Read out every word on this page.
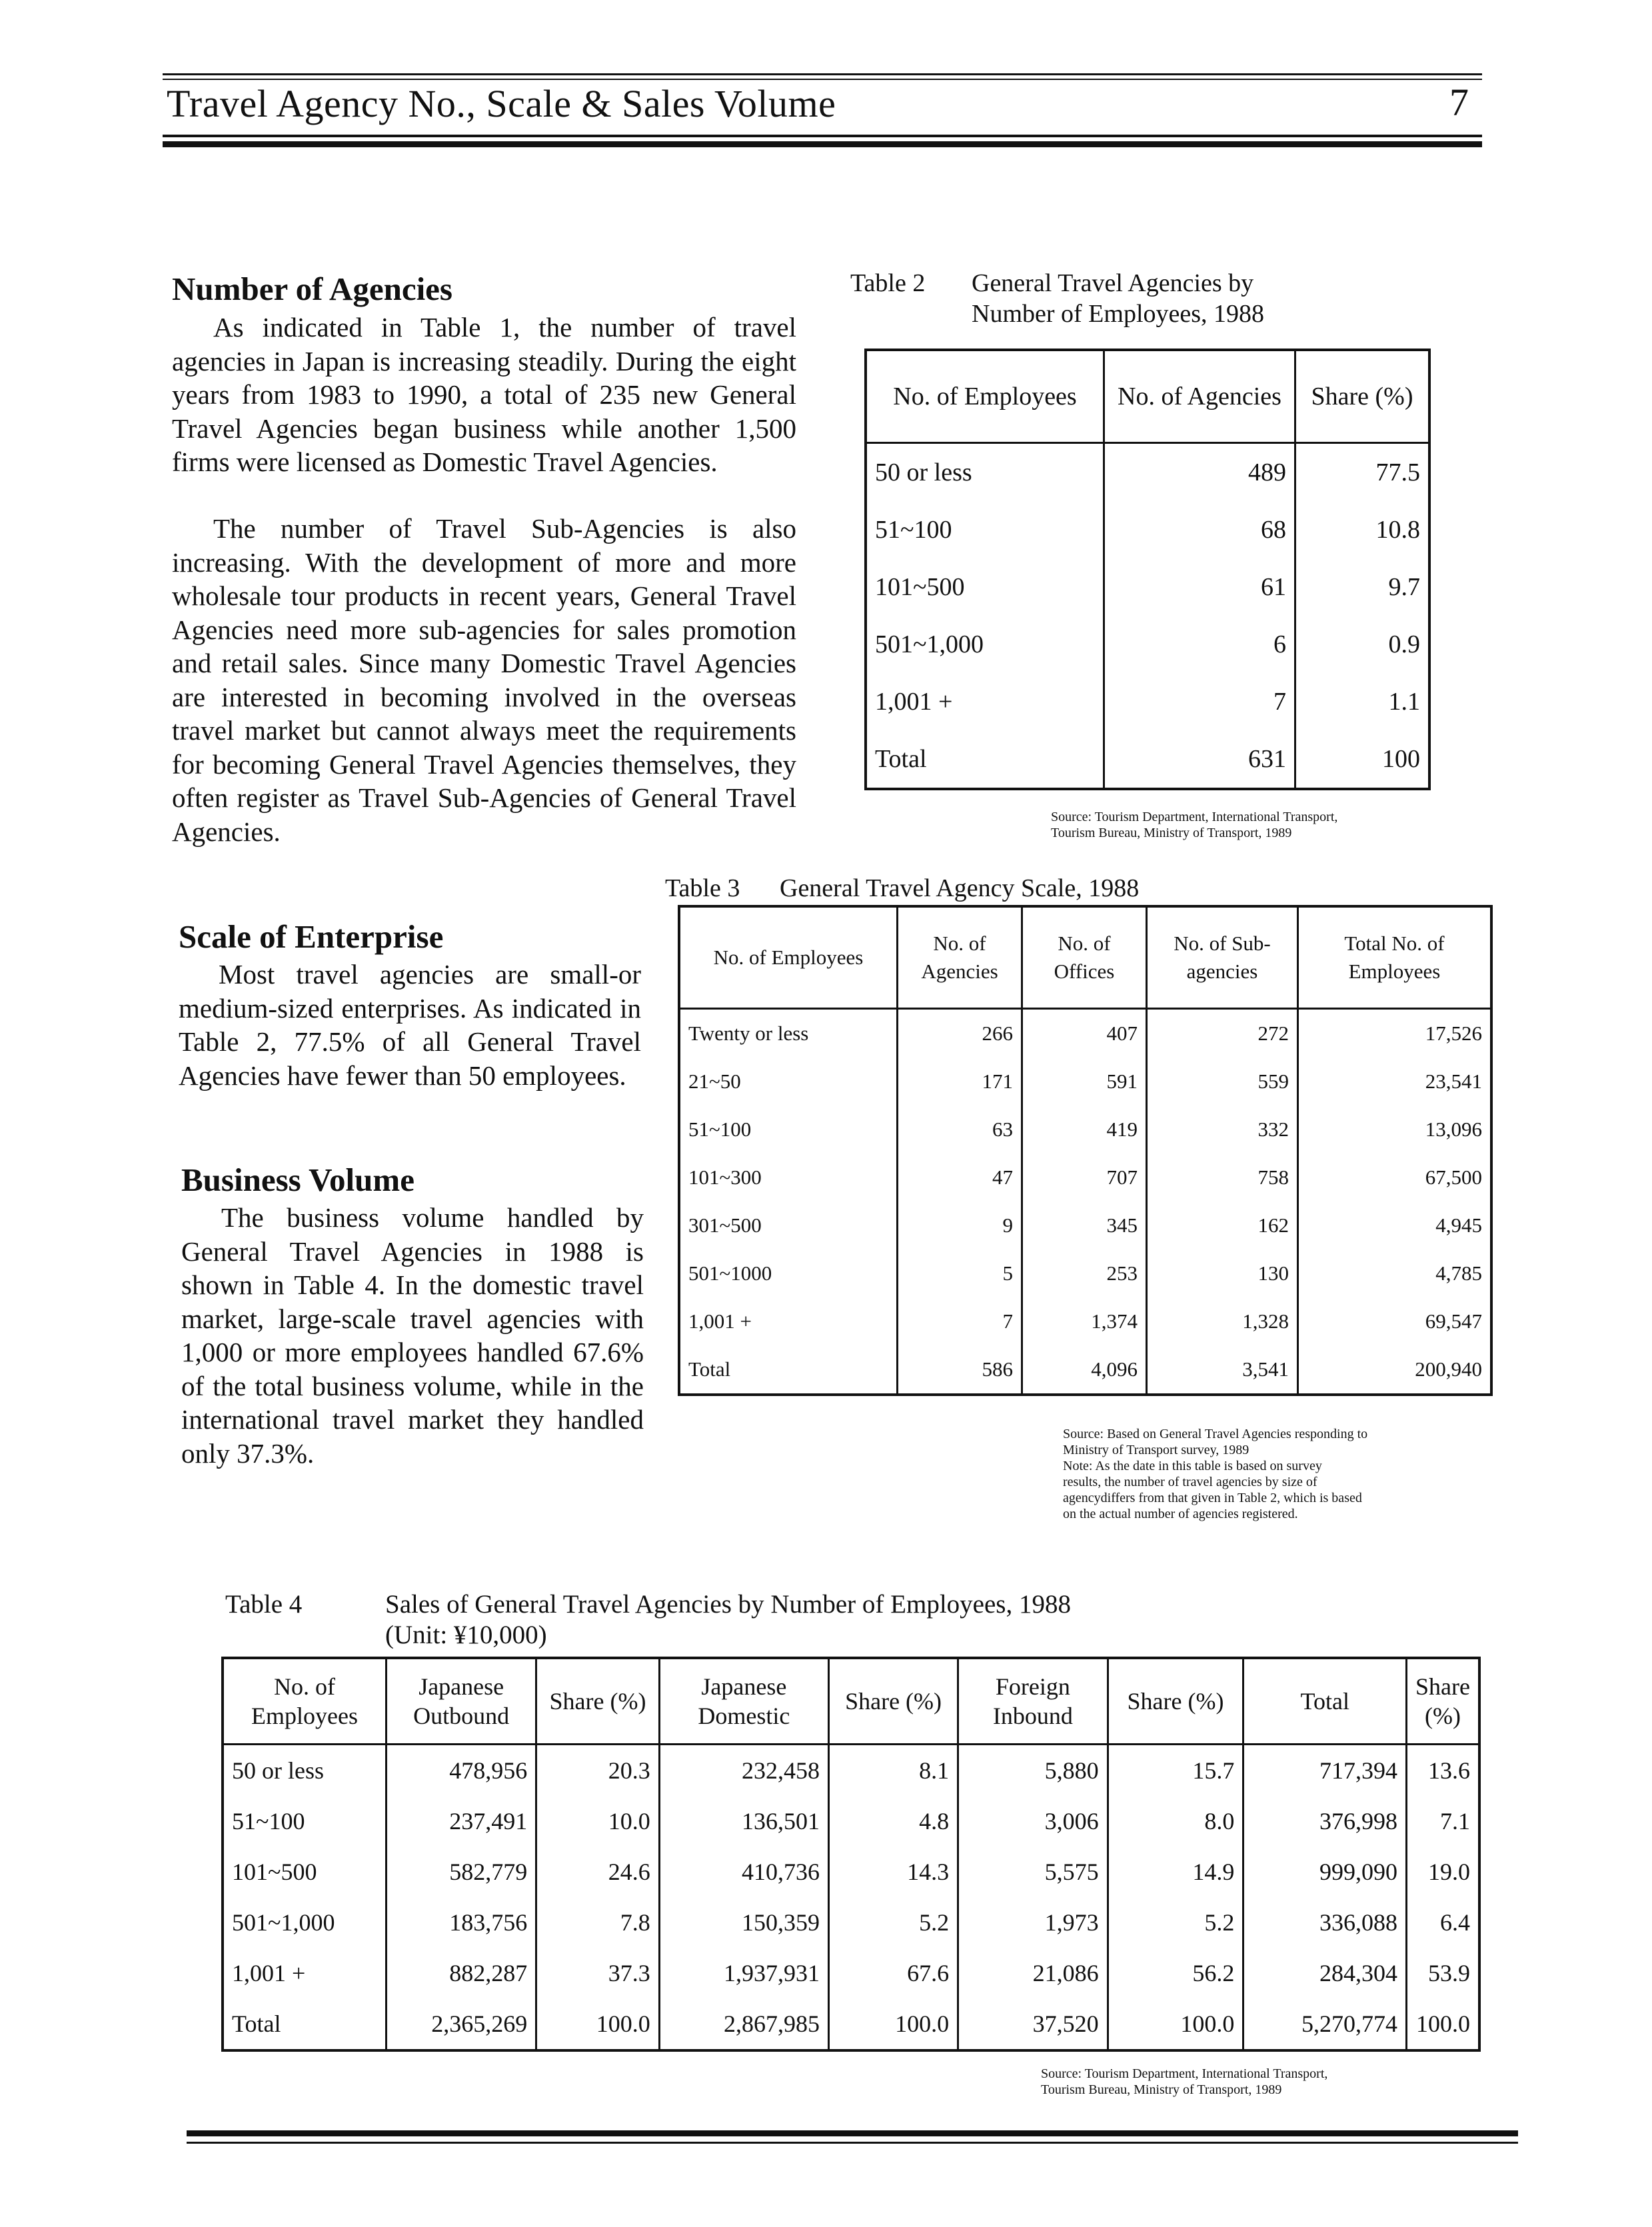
Travel Agency No., Scale & Sales Volume	7
Number of Agencies

As indicated in Table 1, the number of travel agencies in Japan is increasing steadily. During the eight years from 1983 to 1990, a total of 235 new General Travel Agencies began business while another 1,500 firms were licensed as Domestic Travel Agencies.

The number of Travel Sub-Agencies is also increasing. With the development of more and more wholesale tour products in recent years, General Travel Agencies need more sub-agencies for sales promotion and retail sales. Since many Domestic Travel Agencies are interested in becoming involved in the overseas travel market but cannot always meet the requirements for becoming General Travel Agencies themselves, they often register as Travel Sub-Agencies of General Travel Agencies.

Scale of Enterprise

Most travel agencies are small-or medium-sized enterprises. As indicated in Table 2, 77.5% of all General Travel Agencies have fewer than 50 employees.

Business Volume

The business volume handled by General Travel Agencies in 1988 is shown in Table 4. In the domestic travel market, large-scale travel agencies with 1,000 or more employees handled 67.6% of the total business volume, while in the international travel market they handled only 37.3%.

Table 2 General Travel Agencies by
Number of Employees, 1988
No. of Employees	No. of Agencies	Share (%)
50 or less	489	77.5
51~100	68	10.8
101~500	61	9.7
501~1,000	6	0.9
1,001 +	7	1.1
Total	631	100
Source: Tourism Department, International Transport,
Tourism Bureau, Ministry of Transport, 1989
Table 3 General Travel Agency Scale, 1988
No. of Employees	No. of Agencies	No. of Offices	No. of Sub-agencies	Total No. of Employees
Twenty or less	266	407	272	17,526
21~50	171	591	559	23,541
51~100	63	419	332	13,096
101~300	47	707	758	67,500
301~500	9	345	162	4,945
501~1000	5	253	130	4,785
1,001 +	7	1,374	1,328	69,547
Total	586	4,096	3,541	200,940
Source: Based on General Travel Agencies responding to
Ministry of Transport survey, 1989
Note: As the date in this table is based on survey
results, the number of travel agencies by size of
agencydiffers from that given in Table 2, which is based
on the actual number of agencies registered.
Table 4	Sales of General Travel Agencies by Number of Employees, 1988
(Unit: ¥10,000)
No. of Employees	Japanese Outbound	Share (%)	Japanese Domestic	Share (%)	Foreign Inbound	Share (%)	Total	Share (%)
50 or less	478,956	20.3	232,458	8.1	5,880	15.7	717,394	13.6
51~100	237,491	10.0	136,501	4.8	3,006	8.0	376,998	7.1
101~500	582,779	24.6	410,736	14.3	5,575	14.9	999,090	19.0
501~1,000	183,756	7.8	150,359	5.2	1,973	5.2	336,088	6.4
1,001 +	882,287	37.3	1,937,931	67.6	21,086	56.2	284,304	53.9
Total	2,365,269	100.0	2,867,985	100.0	37,520	100.0	5,270,774	100.0
Source: Tourism Department, International Transport,
Tourism Bureau, Ministry of Transport, 1989
